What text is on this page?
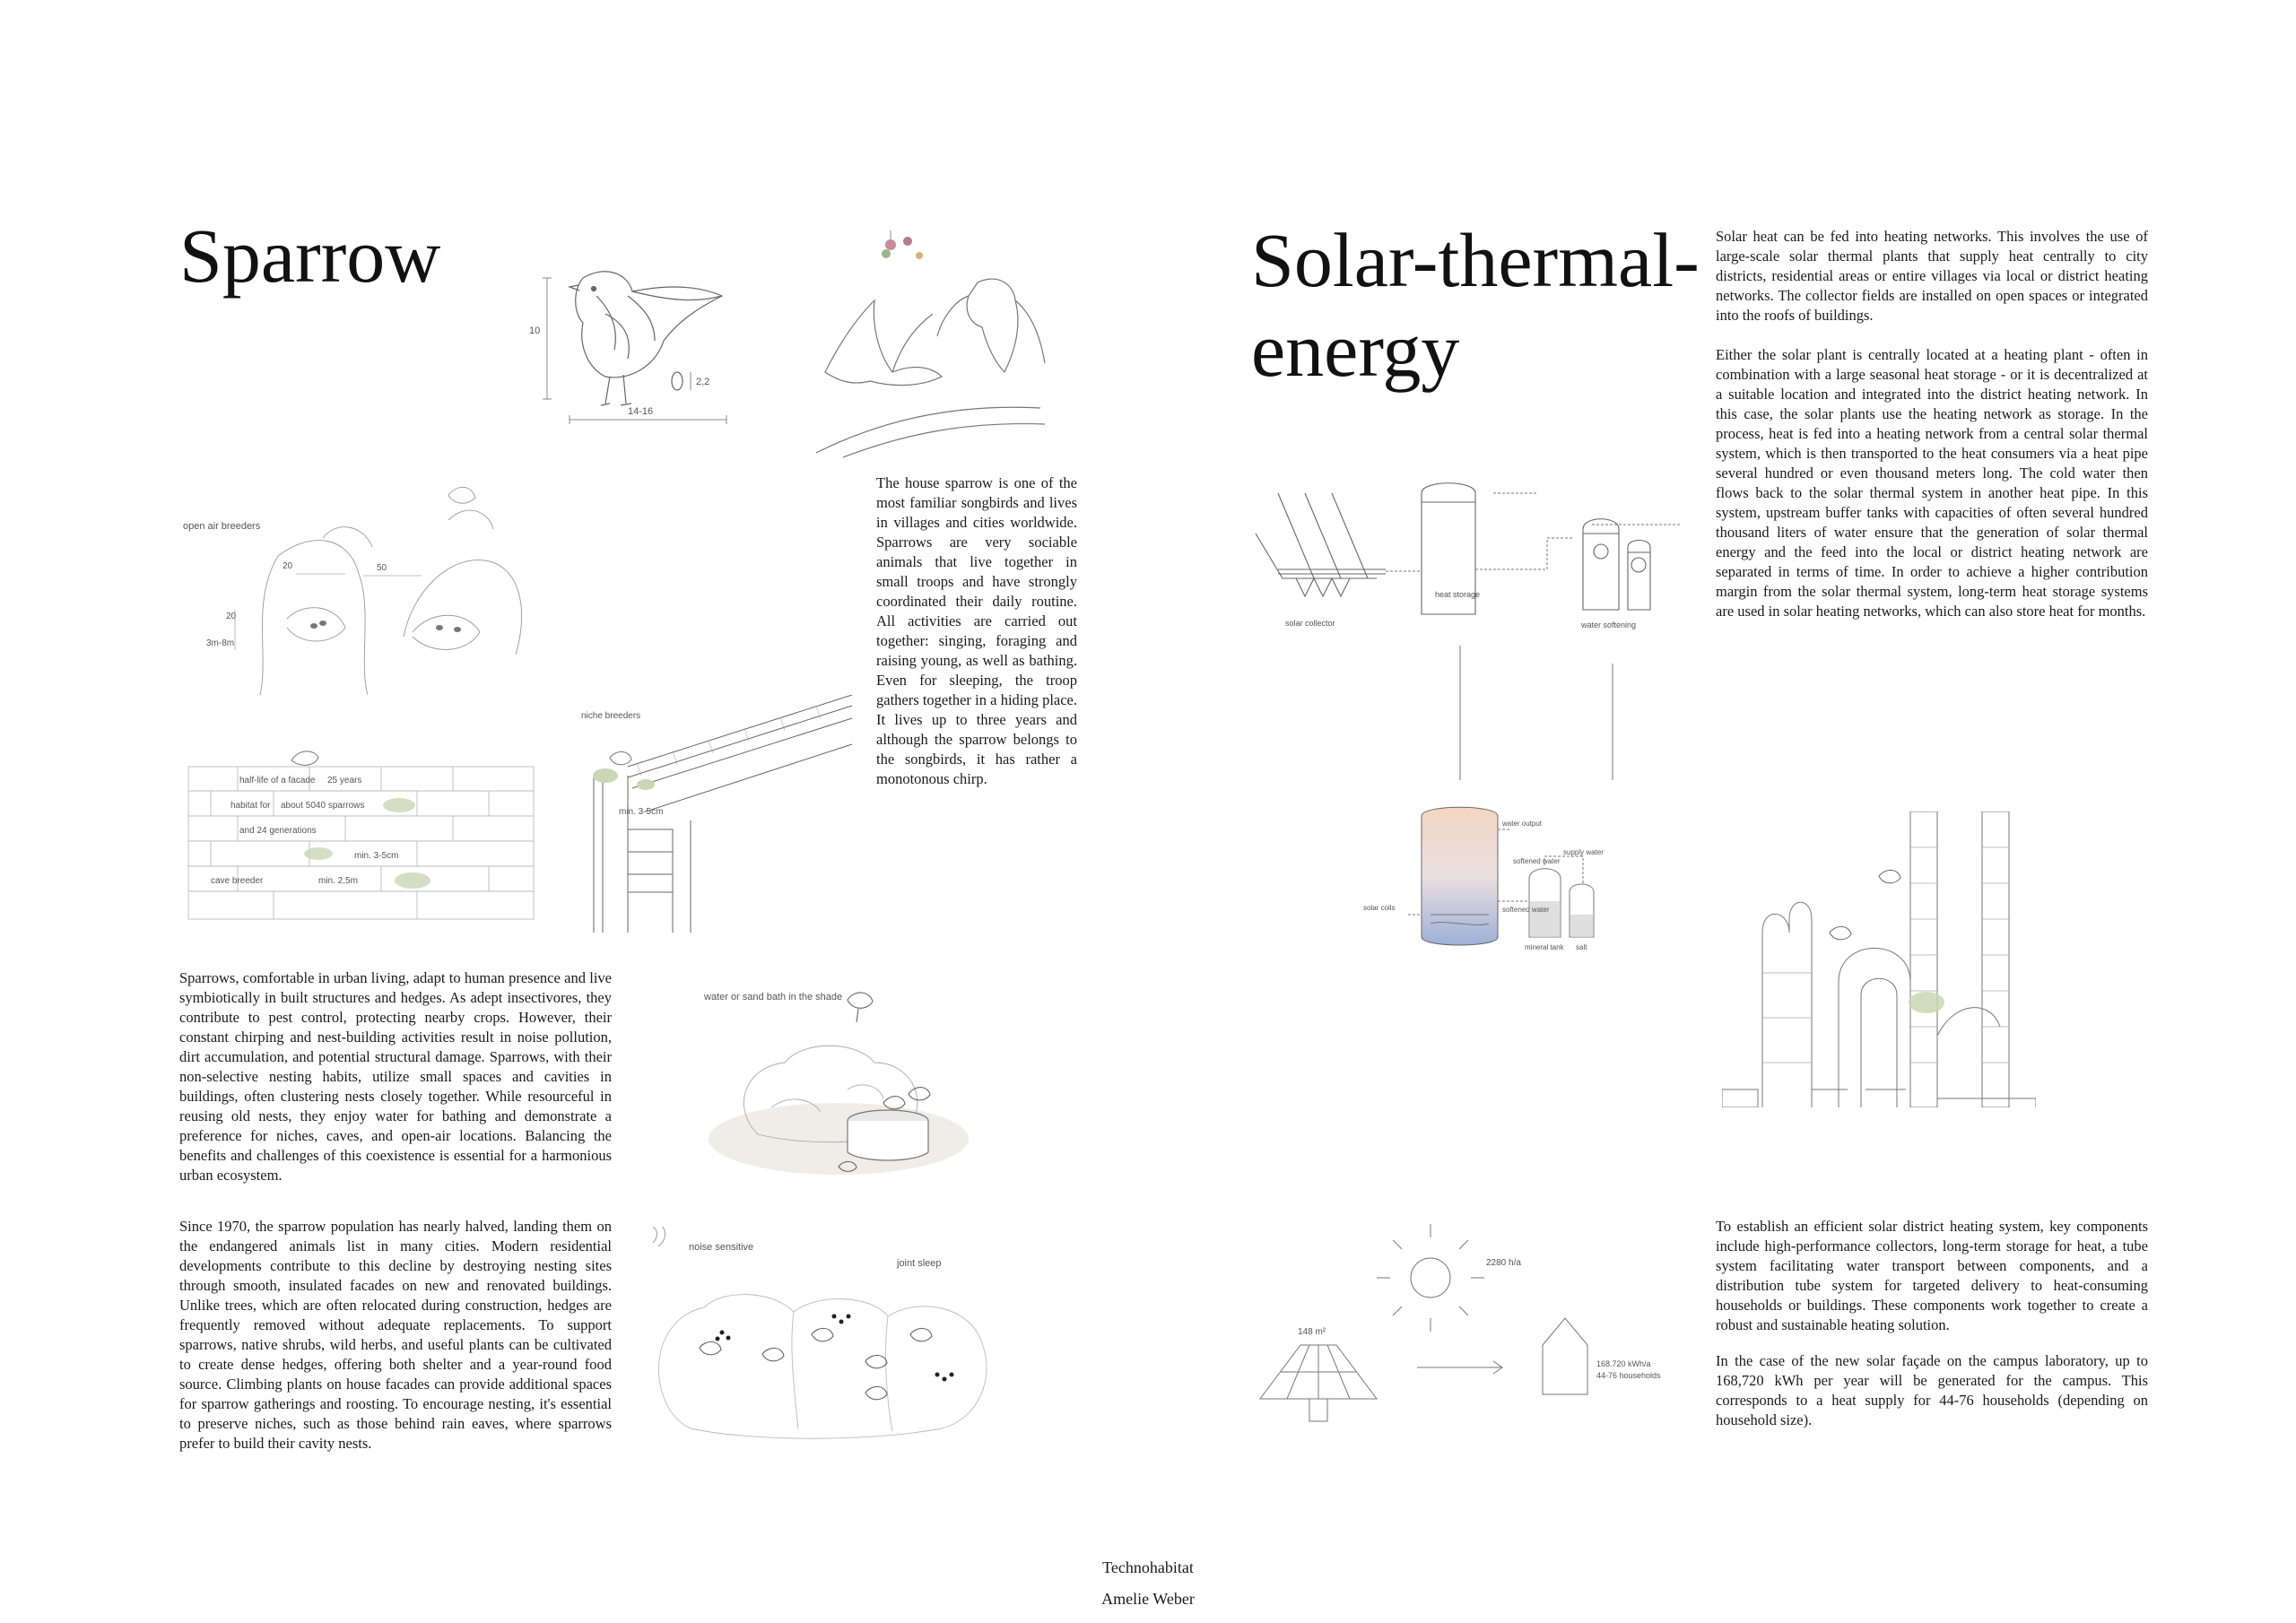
Sparrow	Solar-thermal-energy

The house sparrow is one of the most familiar songbirds and lives in villages and cities worldwide. Sparrows are very sociable animals that live together in small troops and have strongly coordinated their daily routine. All activities are carried out together: singing, foraging and raising young, as well as bathing. Even for sleeping, the troop gathers together in a hiding place. It lives up to three years and although the sparrow belongs to the songbirds, it has rather a monotonous chirp.

Sparrows, comfortable in urban living, adapt to human presence and live symbiotically in built structures and hedges. As adept insectivores, they contribute to pest control, protecting nearby crops. However, their constant chirping and nest-building activities result in noise pollution, dirt accumulation, and potential structural damage. Sparrows, with their non-selective nesting habits, utilize small spaces and cavities in buildings, often clustering nests closely together. While resourceful in reusing old nests, they enjoy water for bathing and demonstrate a preference for niches, caves, and open-air locations. Balancing the benefits and challenges of this coexistence is essential for a harmonious urban ecosystem.

Since 1970, the sparrow population has nearly halved, landing them on the endangered animals list in many cities. Modern residential developments contribute to this decline by destroying nesting sites through smooth, insulated facades on new and renovated buildings. Unlike trees, which are often relocated during construction, hedges are frequently removed without adequate replacements. To support sparrows, native shrubs, wild herbs, and useful plants can be cultivated to create dense hedges, offering both shelter and a year-round food source. Climbing plants on house facades can provide additional spaces for sparrow gatherings and roosting. To encourage nesting, it's essential to preserve niches, such as those behind rain eaves, where sparrows prefer to build their cavity nests.

Solar heat can be fed into heating networks. This involves the use of large-scale solar thermal plants that supply heat centrally to city districts, residential areas or entire villages via local or district heating networks. The collector fields are installed on open spaces or integrated into the roofs of buildings.

Either the solar plant is centrally located at a heating plant - often in combination with a large seasonal heat storage - or it is decentralized at a suitable location and integrated into the district heating network. In this case, the solar plants use the heating network as storage. In the process, heat is fed into a heating network from a central solar thermal system, which is then transported to the heat consumers via a heat pipe several hundred or even thousand meters long. The cold water then flows back to the solar thermal system in another heat pipe. In this system, upstream buffer tanks with capacities of often several hundred thousand liters of water ensure that the generation of solar thermal energy and the feed into the local or district heating network are separated in terms of time. In order to achieve a higher contribution margin from the solar thermal system, long-term heat storage systems are used in solar heating networks, which can also store heat for months.

To establish an efficient solar district heating system, key components include high-performance collectors, long-term storage for heat, a tube system facilitating water transport between components, and a distribution tube system for targeted delivery to heat-consuming households or buildings. These components work together to create a robust and sustainable heating solution.

In the case of the new solar façade on the campus laboratory, up to 168,720 kWh per year will be generated for the campus. This corresponds to a heat supply for 44-76 households (depending on household size).

Technohabitat
Amelie Weber
10
14-16
2,2
open air breeders
20	50
20
3m-8m
half-life of a facade 25 years
habitat for about 5040 sparrows
and 24 generations
min. 3-5cm
cave breeder	min. 2,5m
niche breeders
min. 3-5cm
water or sand bath in the shade
noise sensitive
joint sleep
solar collector
heat storage
water softening
water output
softened water
supply water
solar coils	softened water
mineral tank salt
148 m²
2280 h/a
168.720 kWh/a
44-76 households
